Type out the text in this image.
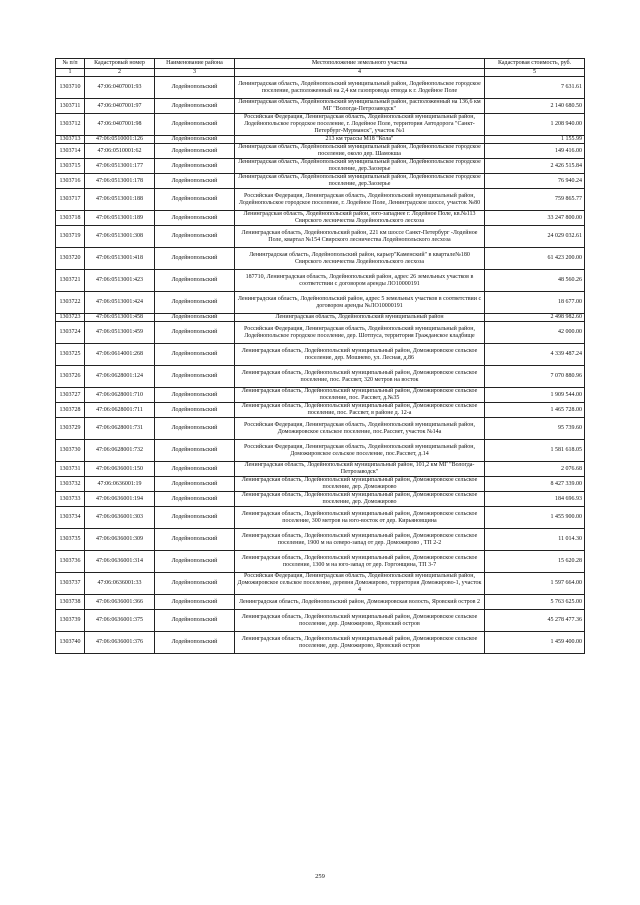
№ п/п	Кадастровый номер	Наименование района	Местоположение земельного участка	Кадастровая стоимость, руб.
1	2	3	4	5
1303710	47:06:0407001:93	Лодейнопольский	Ленинградская область, Лодейнопольский муниципальный район, Лодейнопольское городское поселение, расположенный на 2,4 км газопровода отвода к г. Лодейное Поле	7 631.61
1303711	47:06:0407001:97	Лодейнопольский	Ленинградская область, Лодейнопольский муниципальный район, расположенный на 136,6 км МГ "Вологда-Петрозаводск"	2 140 680.50
1303712	47:06:0407001:98	Лодейнопольский	Российская Федерация, Ленинградская область, Лодейнопольский муниципальный район, Лодейнопольское городское поселение, г. Лодейное Поле, территория Автодорога "Санкт-Петербург-Мурманск", участок №1	1 208 940.00
1303713	47:06:0510001:126	Лодейнопольский	213 км трассы М18 "Кола"	1 155.99
1303714	47:06:0510001:62	Лодейнопольский	Ленинградская область, Лодейнопольский муниципальный район, Лодейнопольское городское поселение, около дер. Шамокша	149 416.00
1303715	47:06:0513001:177	Лодейнопольский	Ленинградская область, Лодейнопольский муниципальный район, Лодейнопольское городское поселение, дер.Заозерье	2 426 515.84
1303716	47:06:0513001:178	Лодейнопольский	Ленинградская область, Лодейнопольский муниципальный район, Лодейнопольское городское поселение, дер.Заозерье	76 940.24
1303717	47:06:0513001:188	Лодейнопольский	Российская Федерация, Ленинградская область, Лодейнопольский муниципальный район, Лодейнопольское городское поселение, г. Лодейное Поле, Ленинградское шоссе, участок №80	759 865.77
1303718	47:06:0513001:189	Лодейнопольский	Ленинградская область, Лодейнопольский район, юго-западнее г. Лодейное Поле, кв.№113 Свирского лесничества Лодейнопольского лесхоза	33 247 800.00
1303719	47:06:0513001:308	Лодейнопольский	Ленинградская область, Лодейнопольский район, 221 км шоссе Санкт-Петербург -Лодейное Поле, квартал №154 Свирского лесничества Лодейнопольского лесхоза	24 029 032.61
1303720	47:06:0513001:418	Лодейнопольский	Ленинградская область, Лодейнопольский район, карьер"Каменский" в квартале№180 Свирского лесничества Лодейнопольского лесхоза	61 423 200.00
1303721	47:06:0513001:423	Лодейнопольский	187710, Ленинградская область, Лодейнопольский район, адрес 26 земельных участков в соответствии с договором аренды ЛО10000191	48 560.26
1303722	47:06:0513001:424	Лодейнопольский	Ленинградская область, Лодейнопольский район, адрес 5 земельных участков в соответствии с договором аренды №ЛО10000191	18 677.00
1303723	47:06:0513001:458	Лодейнопольский	Ленинградская область, Лодейнопольский муниципальный район	2 498 982.60
1303724	47:06:0513001:459	Лодейнопольский	Российская Федерация, Ленинградская область, Лодейнопольский муниципальный район, Лодейнопольское городское поселение, дер. Шотпуса, территория Гражданское кладбище	42 000.00
1303725	47:06:0614001:268	Лодейнопольский	Ленинградская область, Лодейнопольский муниципальный район, Доможировское сельское поселение, дер. Мошнево, ул. Лесная, д.86	4 339 487.24
1303726	47:06:0628001:124	Лодейнопольский	Ленинградская область, Лодейнопольский муниципальный район, Доможировское сельское поселение, пос. Рассвет, 320 метров на восток	7 070 880.96
1303727	47:06:0628001:710	Лодейнопольский	Ленинградская область, Лодейнопольский муниципальный район, Доможировское сельское поселение, пос. Рассвет, д.№35	1 909 544.00
1303728	47:06:0628001:711	Лодейнопольский	Ленинградская область, Лодейнопольский муниципальный район, Доможировское сельское поселение, пос. Рассвет, в районе д. 12-а	1 465 728.00
1303729	47:06:0628001:731	Лодейнопольский	Российская Федерация, Ленинградская область, Лодейнопольский муниципальный район, Доможировское сельское поселение, пос.Рассвет, участок №14а	95 739.60
1303730	47:06:0628001:732	Лодейнопольский	Российская Федерация, Ленинградская область, Лодейнопольский муниципальный район, Доможировское сельское поселение, пос.Рассвет, д.14	1 581 618.05
1303731	47:06:0636001:150	Лодейнопольский	Ленинградская область, Лодейнопольский муниципальный район, 101,2 км МГ "Вологда-Петрозаводск"	2 076.68
1303732	47:06:0636001:19	Лодейнопольский	Ленинградская область, Лодейнопольский муниципальный район, Доможировское сельское поселение, дер. Доможирово	8 427 339.00
1303733	47:06:0636001:194	Лодейнопольский	Ленинградская область, Лодейнопольский муниципальный район, Доможировское сельское поселение, дер. Доможирово	184 696.93
1303734	47:06:0636001:303	Лодейнопольский	Ленинградская область, Лодейнопольский муниципальный район, Доможировское сельское поселение, 300 метров на юго-восток от дер. Кирьяновщина	1 455 900.00
1303735	47:06:0636001:309	Лодейнопольский	Ленинградская область, Лодейнопольский муниципальный район, Доможировское сельское поселение, 1900 м на северо-запад от дер. Доможирово , ТП 2-2	11 014.30
1303736	47:06:0636001:314	Лодейнопольский	Ленинградская область, Лодейнопольский муниципальный район, Доможировское сельское поселение, 1300 м на юго-запад от дер. Горгонщина, ТП 3-7	15 620.28
1303737	47:06:0636001:33	Лодейнопольский	Российская Федерация, Ленинградская область, Лодейнопольский муниципальный район, Доможировское сельское поселение, деревня Доможирово, территория Доможирово-1, участок 4	1 597 664.00
1303738	47:06:0636001:366	Лодейнопольский	Ленинградская область, Лодейнопольский район, Доможировская волость, Яровский остров 2	5 763 625.00
1303739	47:06:0636001:375	Лодейнопольский	Ленинградская область, Лодейнопольский муниципальный район, Доможировское сельское поселение, дер. Доможирово, Яровский остров	45 278 477.36
1303740	47:06:0636001:376	Лодейнопольский	Ленинградская область, Лодейнопольский муниципальный район, Доможировское сельское поселение, дер. Доможирово, Яровский остров	1 459 400.00
259
